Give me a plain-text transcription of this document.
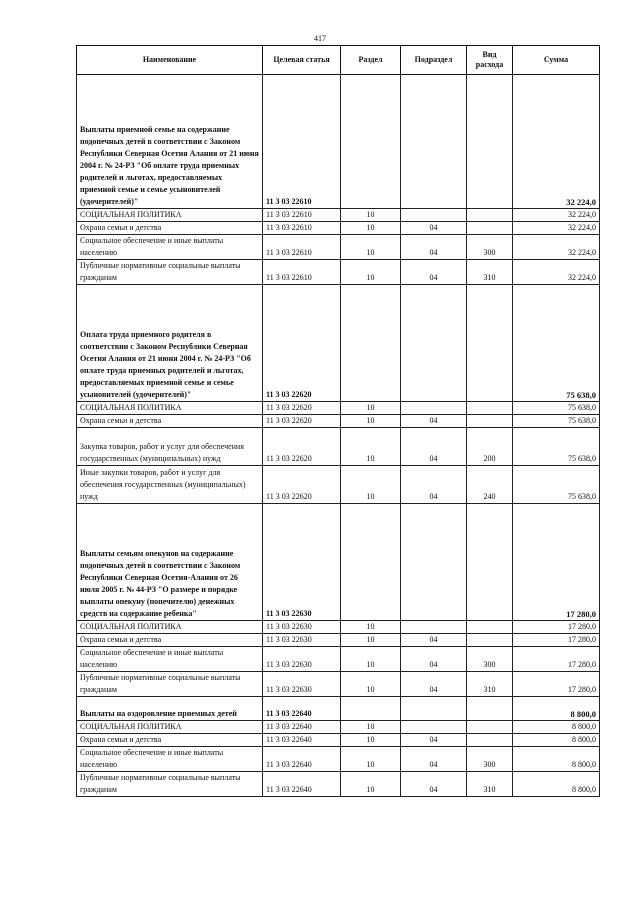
417
Наименование	Целевая статья	Раздел	Подраздел	Вид расхода	Сумма
Выплаты приемной семье на содержание подопечных детей в соответствии с Законом Республики Северная Осетия Алания от 21 июня 2004 г. № 24-РЗ "Об оплате труда приемных родителей и льготах, предоставляемых приемной семье и семье усыновителей (удочерителей)"	11 3 03 22610				32 224,0
СОЦИАЛЬНАЯ ПОЛИТИКА	11 3 03 22610	10			32 224,0
Охрана семьи и детства	11 3 03 22610	10	04		32 224,0
Социальное обеспечение и иные выплаты населению	11 3 03 22610	10	04	300	32 224,0
Публичные нормативные социальные выплаты гражданам	11 3 03 22610	10	04	310	32 224,0
Оплата труда приемного родителя в соответствии с Законом Республики Северная Осетия Алания от 21 июня 2004 г. № 24-РЗ "Об оплате труда приемных родителей и льготах, предоставляемых приемной семье и семье усыновителей (удочерителей)"	11 3 03 22620				75 638,0
СОЦИАЛЬНАЯ ПОЛИТИКА	11 3 03 22620	10			75 638,0
Охрана семьи и детства	11 3 03 22620	10	04		75 638,0
Закупка товаров, работ и услуг для обеспечения государственных (муниципальных) нужд	11 3 03 22620	10	04	200	75 638,0
Иные закупки товаров, работ и услуг для обеспечения государственных (муниципальных) нужд	11 3 03 22620	10	04	240	75 638,0
Выплаты семьям опекунов на содержание подопечных детей в соответствии с Законом Республики Северная Осетия-Алания от 26 июля 2005 г. № 44-РЗ "О размере и порядке выплаты опекуну (попечителю) денежных средств на содержание ребенка"	11 3 03 22630				17 280,0
СОЦИАЛЬНАЯ ПОЛИТИКА	11 3 03 22630	10			17 280,0
Охрана семьи и детства	11 3 03 22630	10	04		17 280,0
Социальное обеспечение и иные выплаты населению	11 3 03 22630	10	04	300	17 280,0
Публичные нормативные социальные выплаты гражданам	11 3 03 22630	10	04	310	17 280,0
Выплаты на оздоровление приемных детей	11 3 03 22640				8 800,0
СОЦИАЛЬНАЯ ПОЛИТИКА	11 3 03 22640	10			8 800,0
Охрана семьи и детства	11 3 03 22640	10	04		8 800,0
Социальное обеспечение и иные выплаты населению	11 3 03 22640	10	04	300	8 800,0
Публичные нормативные социальные выплаты гражданам	11 3 03 22640	10	04	310	8 800,0
